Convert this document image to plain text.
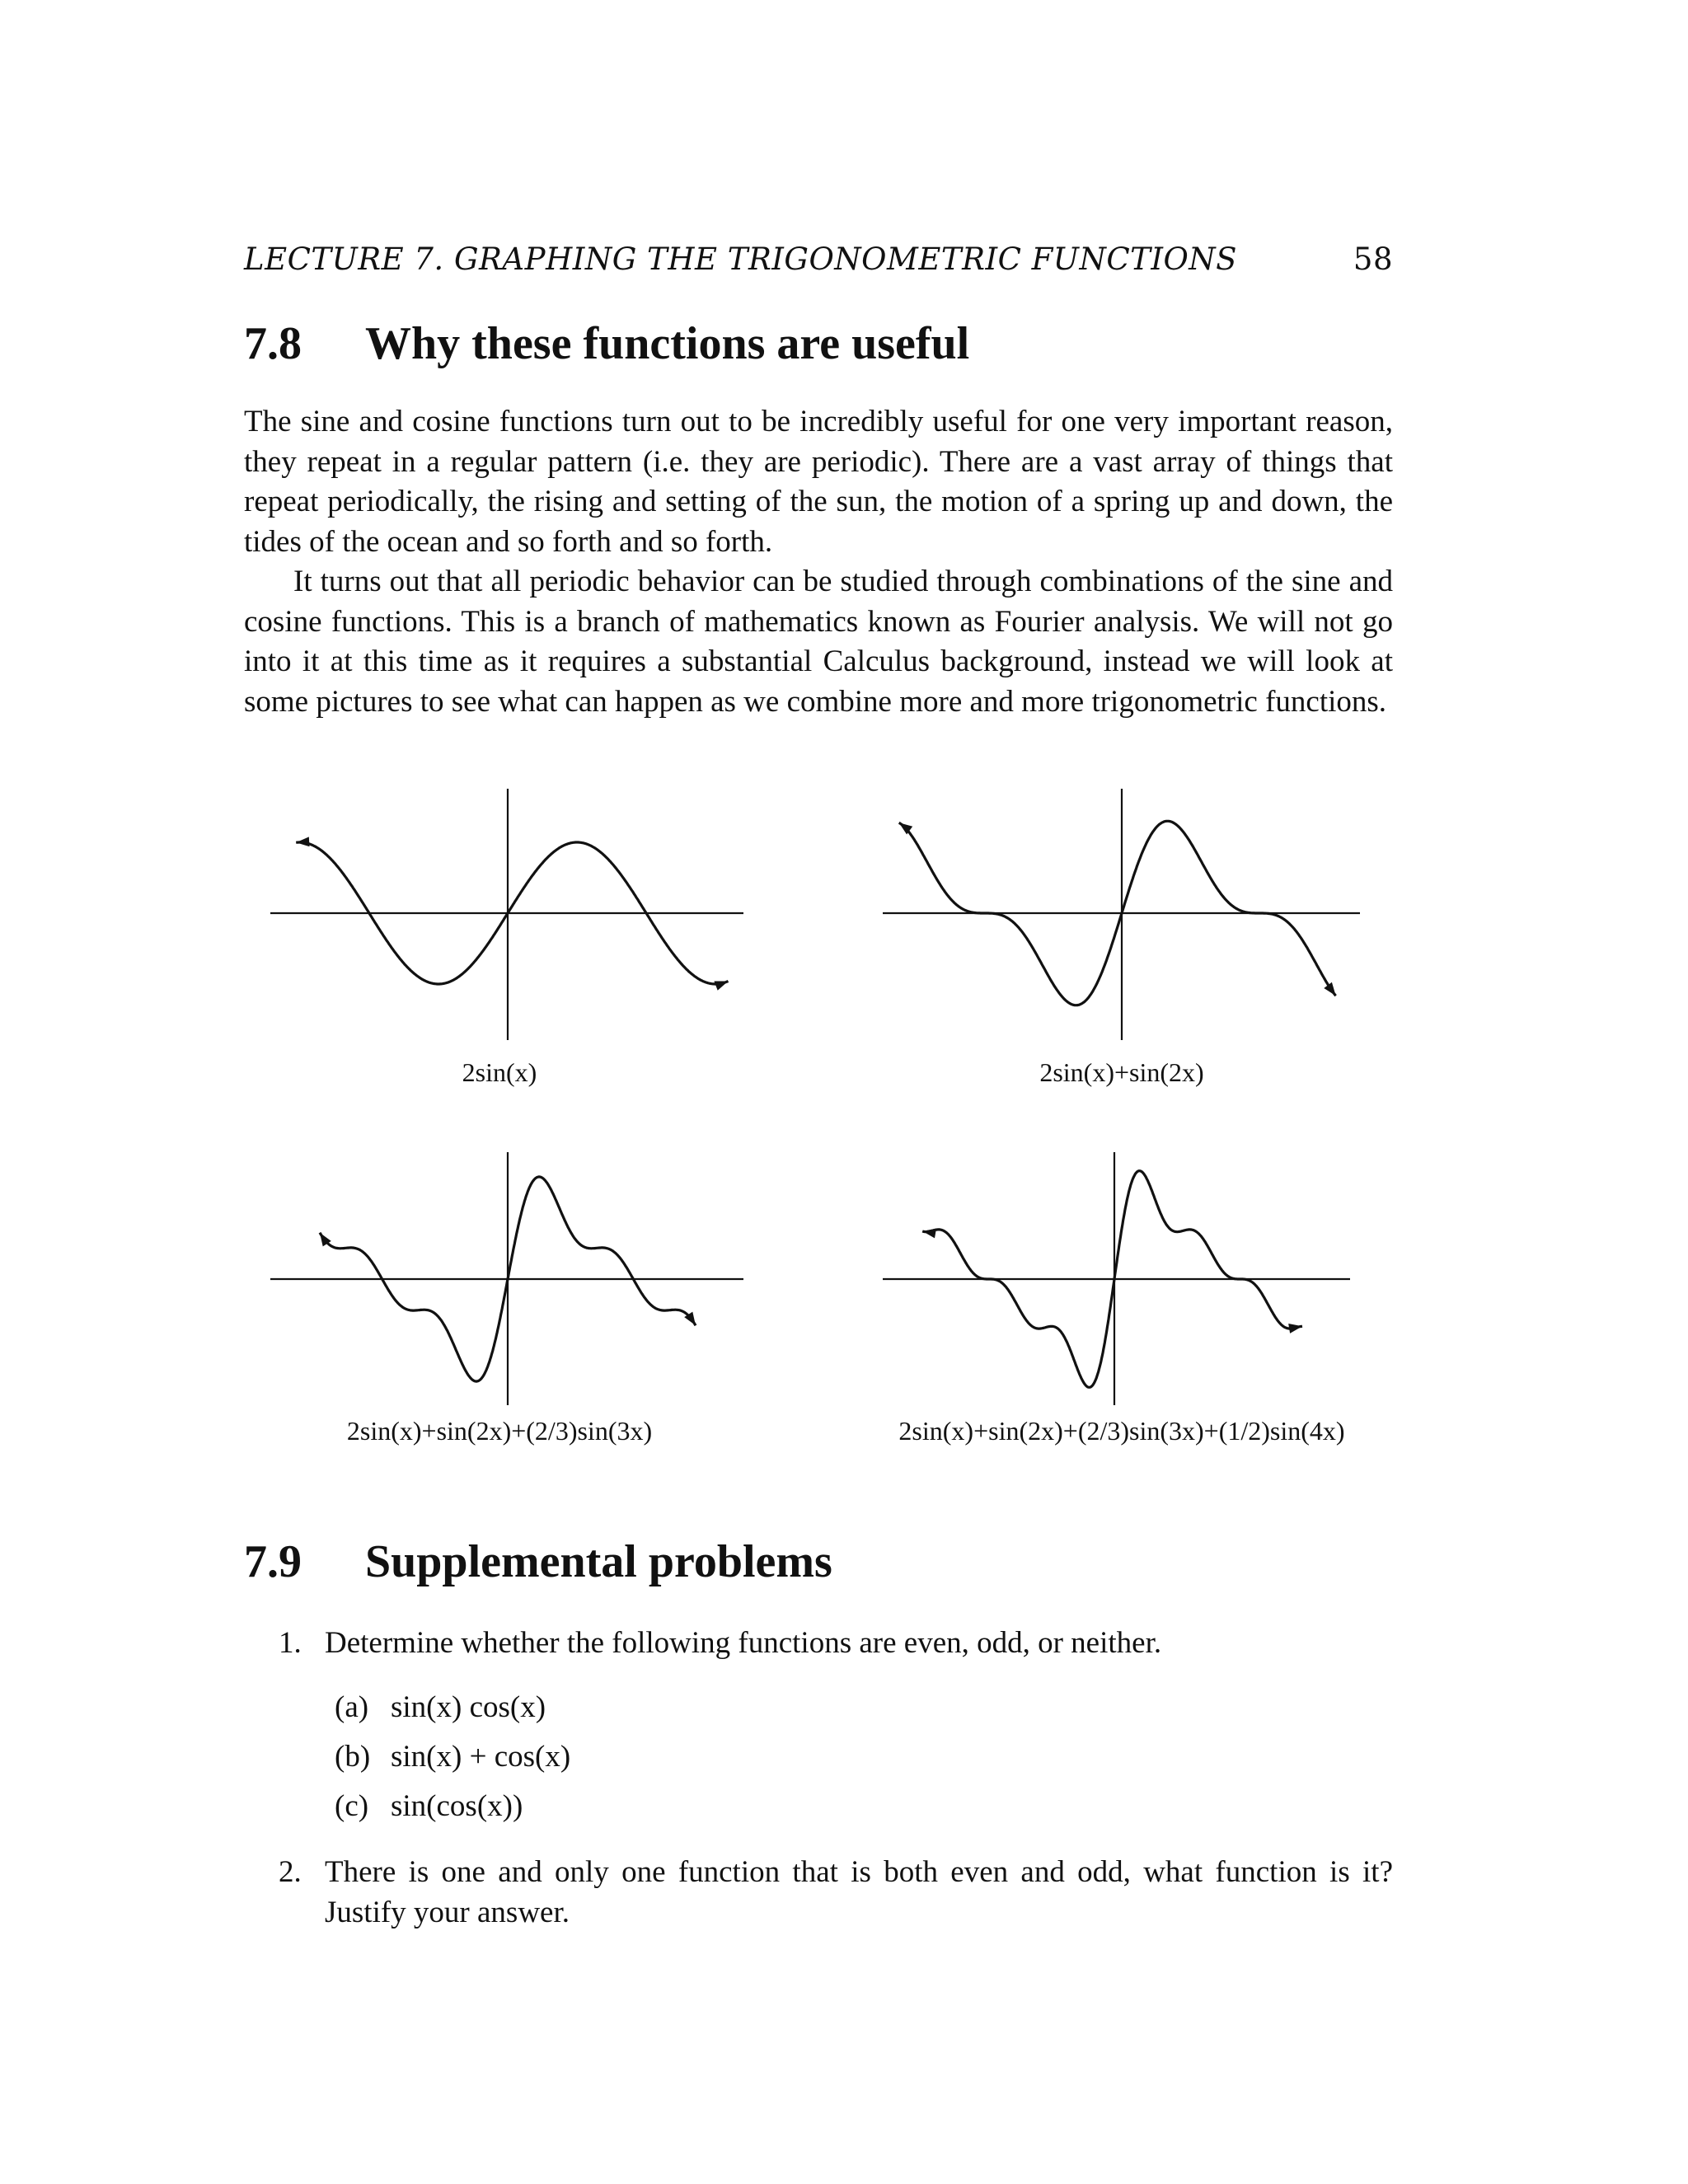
LECTURE 7. GRAPHING THE TRIGONOMETRIC FUNCTIONS	58
7.8 Why these functions are useful
The sine and cosine functions turn out to be incredibly useful for one very important reason, they repeat in a regular pattern (i.e. they are periodic). There are a vast array of things that repeat periodically, the rising and setting of the sun, the motion of a spring up and down, the tides of the ocean and so forth and so forth.
It turns out that all periodic behavior can be studied through combinations of the sine and cosine functions. This is a branch of mathematics known as Fourier analysis. We will not go into it at this time as it requires a substantial Calculus background, instead we will look at some pictures to see what can happen as we combine more and more trigonometric functions.
2sin(x)	2sin(x)+sin(2x)
2sin(x)+sin(2x)+(2/3)sin(3x)	2sin(x)+sin(2x)+(2/3)sin(3x)+(1/2)sin(4x)
7.9 Supplemental problems
1. Determine whether the following functions are even, odd, or neither.
(a) sin(x) cos(x)
(b) sin(x) + cos(x)
(c) sin(cos(x))
2. There is one and only one function that is both even and odd, what function is it? Justify your answer.
